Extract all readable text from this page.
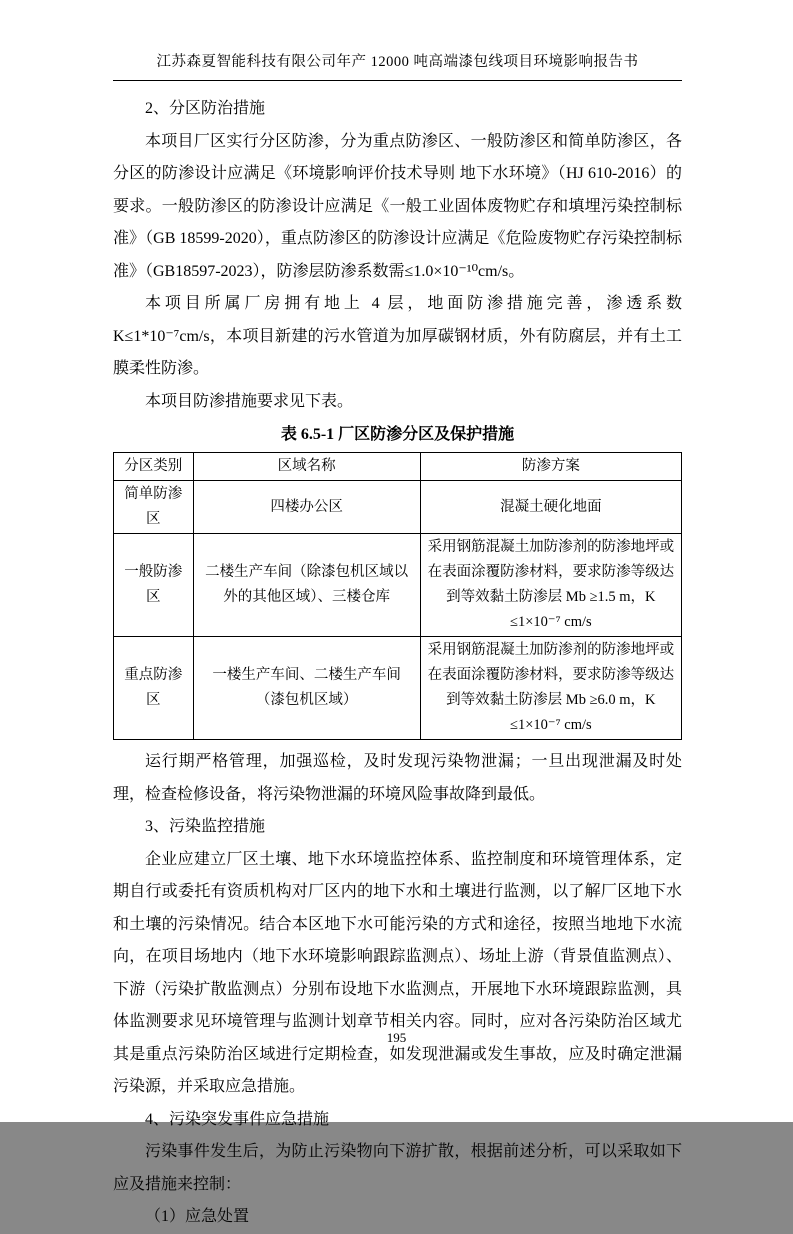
江苏森夏智能科技有限公司年产 12000 吨高端漆包线项目环境影响报告书

2、分区防治措施

本项目厂区实行分区防渗，分为重点防渗区、一般防渗区和简单防渗区，各分区的防渗设计应满足《环境影响评价技术导则 地下水环境》（HJ 610-2016）的要求。一般防渗区的防渗设计应满足《一般工业固体废物贮存和填埋污染控制标准》（GB 18599-2020），重点防渗区的防渗设计应满足《危险废物贮存污染控制标准》（GB18597-2023），防渗层防渗系数需≤1.0×10⁻¹⁰cm/s。

本项目所属厂房拥有地上 4 层，地面防渗措施完善，渗透系数 K≤1*10⁻⁷cm/s，本项目新建的污水管道为加厚碳钢材质，外有防腐层，并有土工膜柔性防渗。

本项目防渗措施要求见下表。

表 6.5-1 厂区防渗分区及保护措施
分区类别	区域名称	防渗方案
简单防渗区	四楼办公区	混凝土硬化地面
一般防渗区	二楼生产车间（除漆包机区域以外的其他区域）、三楼仓库	采用钢筋混凝土加防渗剂的防渗地坪或在表面涂覆防渗材料，要求防渗等级达到等效黏土防渗层 Mb ≥1.5 m，K ≤1×10⁻⁷ cm/s
重点防渗区	一楼生产车间、二楼生产车间（漆包机区域）	采用钢筋混凝土加防渗剂的防渗地坪或在表面涂覆防渗材料，要求防渗等级达到等效黏土防渗层 Mb ≥6.0 m，K ≤1×10⁻⁷ cm/s

运行期严格管理，加强巡检，及时发现污染物泄漏；一旦出现泄漏及时处理，检查检修设备，将污染物泄漏的环境风险事故降到最低。

3、污染监控措施

企业应建立厂区土壤、地下水环境监控体系、监控制度和环境管理体系，定期自行或委托有资质机构对厂区内的地下水和土壤进行监测，以了解厂区地下水和土壤的污染情况。结合本区地下水可能污染的方式和途径，按照当地地下水流向，在项目场地内（地下水环境影响跟踪监测点）、场址上游（背景值监测点）、下游（污染扩散监测点）分别布设地下水监测点，开展地下水环境跟踪监测，具体监测要求见环境管理与监测计划章节相关内容。同时，应对各污染防治区域尤其是重点污染防治区域进行定期检查，如发现泄漏或发生事故，应及时确定泄漏污染源，并采取应急措施。

4、污染突发事件应急措施

污染事件发生后，为防止污染物向下游扩散，根据前述分析，可以采取如下应及措施来控制：

（1）应急处置

195
